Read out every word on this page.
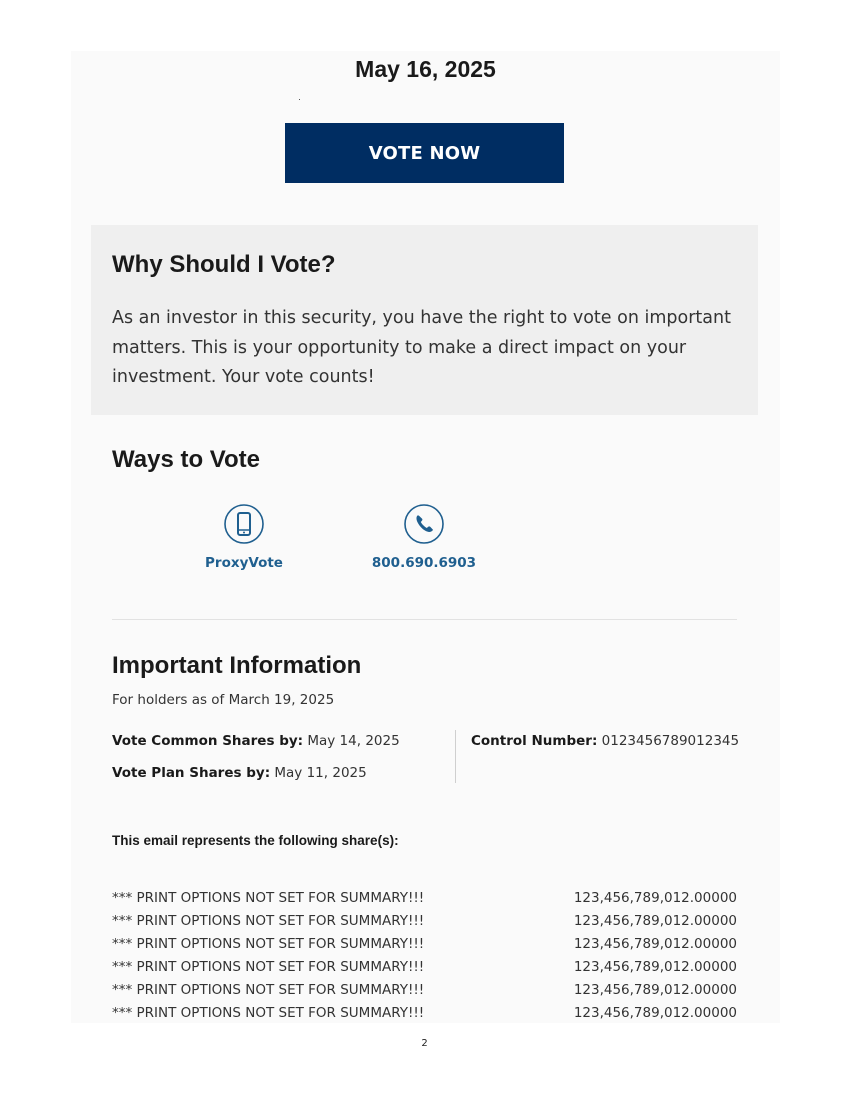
May 16, 2025
VOTE NOW
Why Should I Vote?
As an investor in this security, you have the right to vote on important matters. This is your opportunity to make a direct impact on your investment. Your vote counts!
Ways to Vote
ProxyVote	800.690.6903
Important Information
For holders as of March 19, 2025
Vote Common Shares by: May 14, 2025
Vote Plan Shares by: May 11, 2025
Control Number: 0123456789012345
This email represents the following share(s):
*** PRINT OPTIONS NOT SET FOR SUMMARY!!!	123,456,789,012.00000
*** PRINT OPTIONS NOT SET FOR SUMMARY!!!	123,456,789,012.00000
*** PRINT OPTIONS NOT SET FOR SUMMARY!!!	123,456,789,012.00000
*** PRINT OPTIONS NOT SET FOR SUMMARY!!!	123,456,789,012.00000
*** PRINT OPTIONS NOT SET FOR SUMMARY!!!	123,456,789,012.00000
*** PRINT OPTIONS NOT SET FOR SUMMARY!!!	123,456,789,012.00000
2
